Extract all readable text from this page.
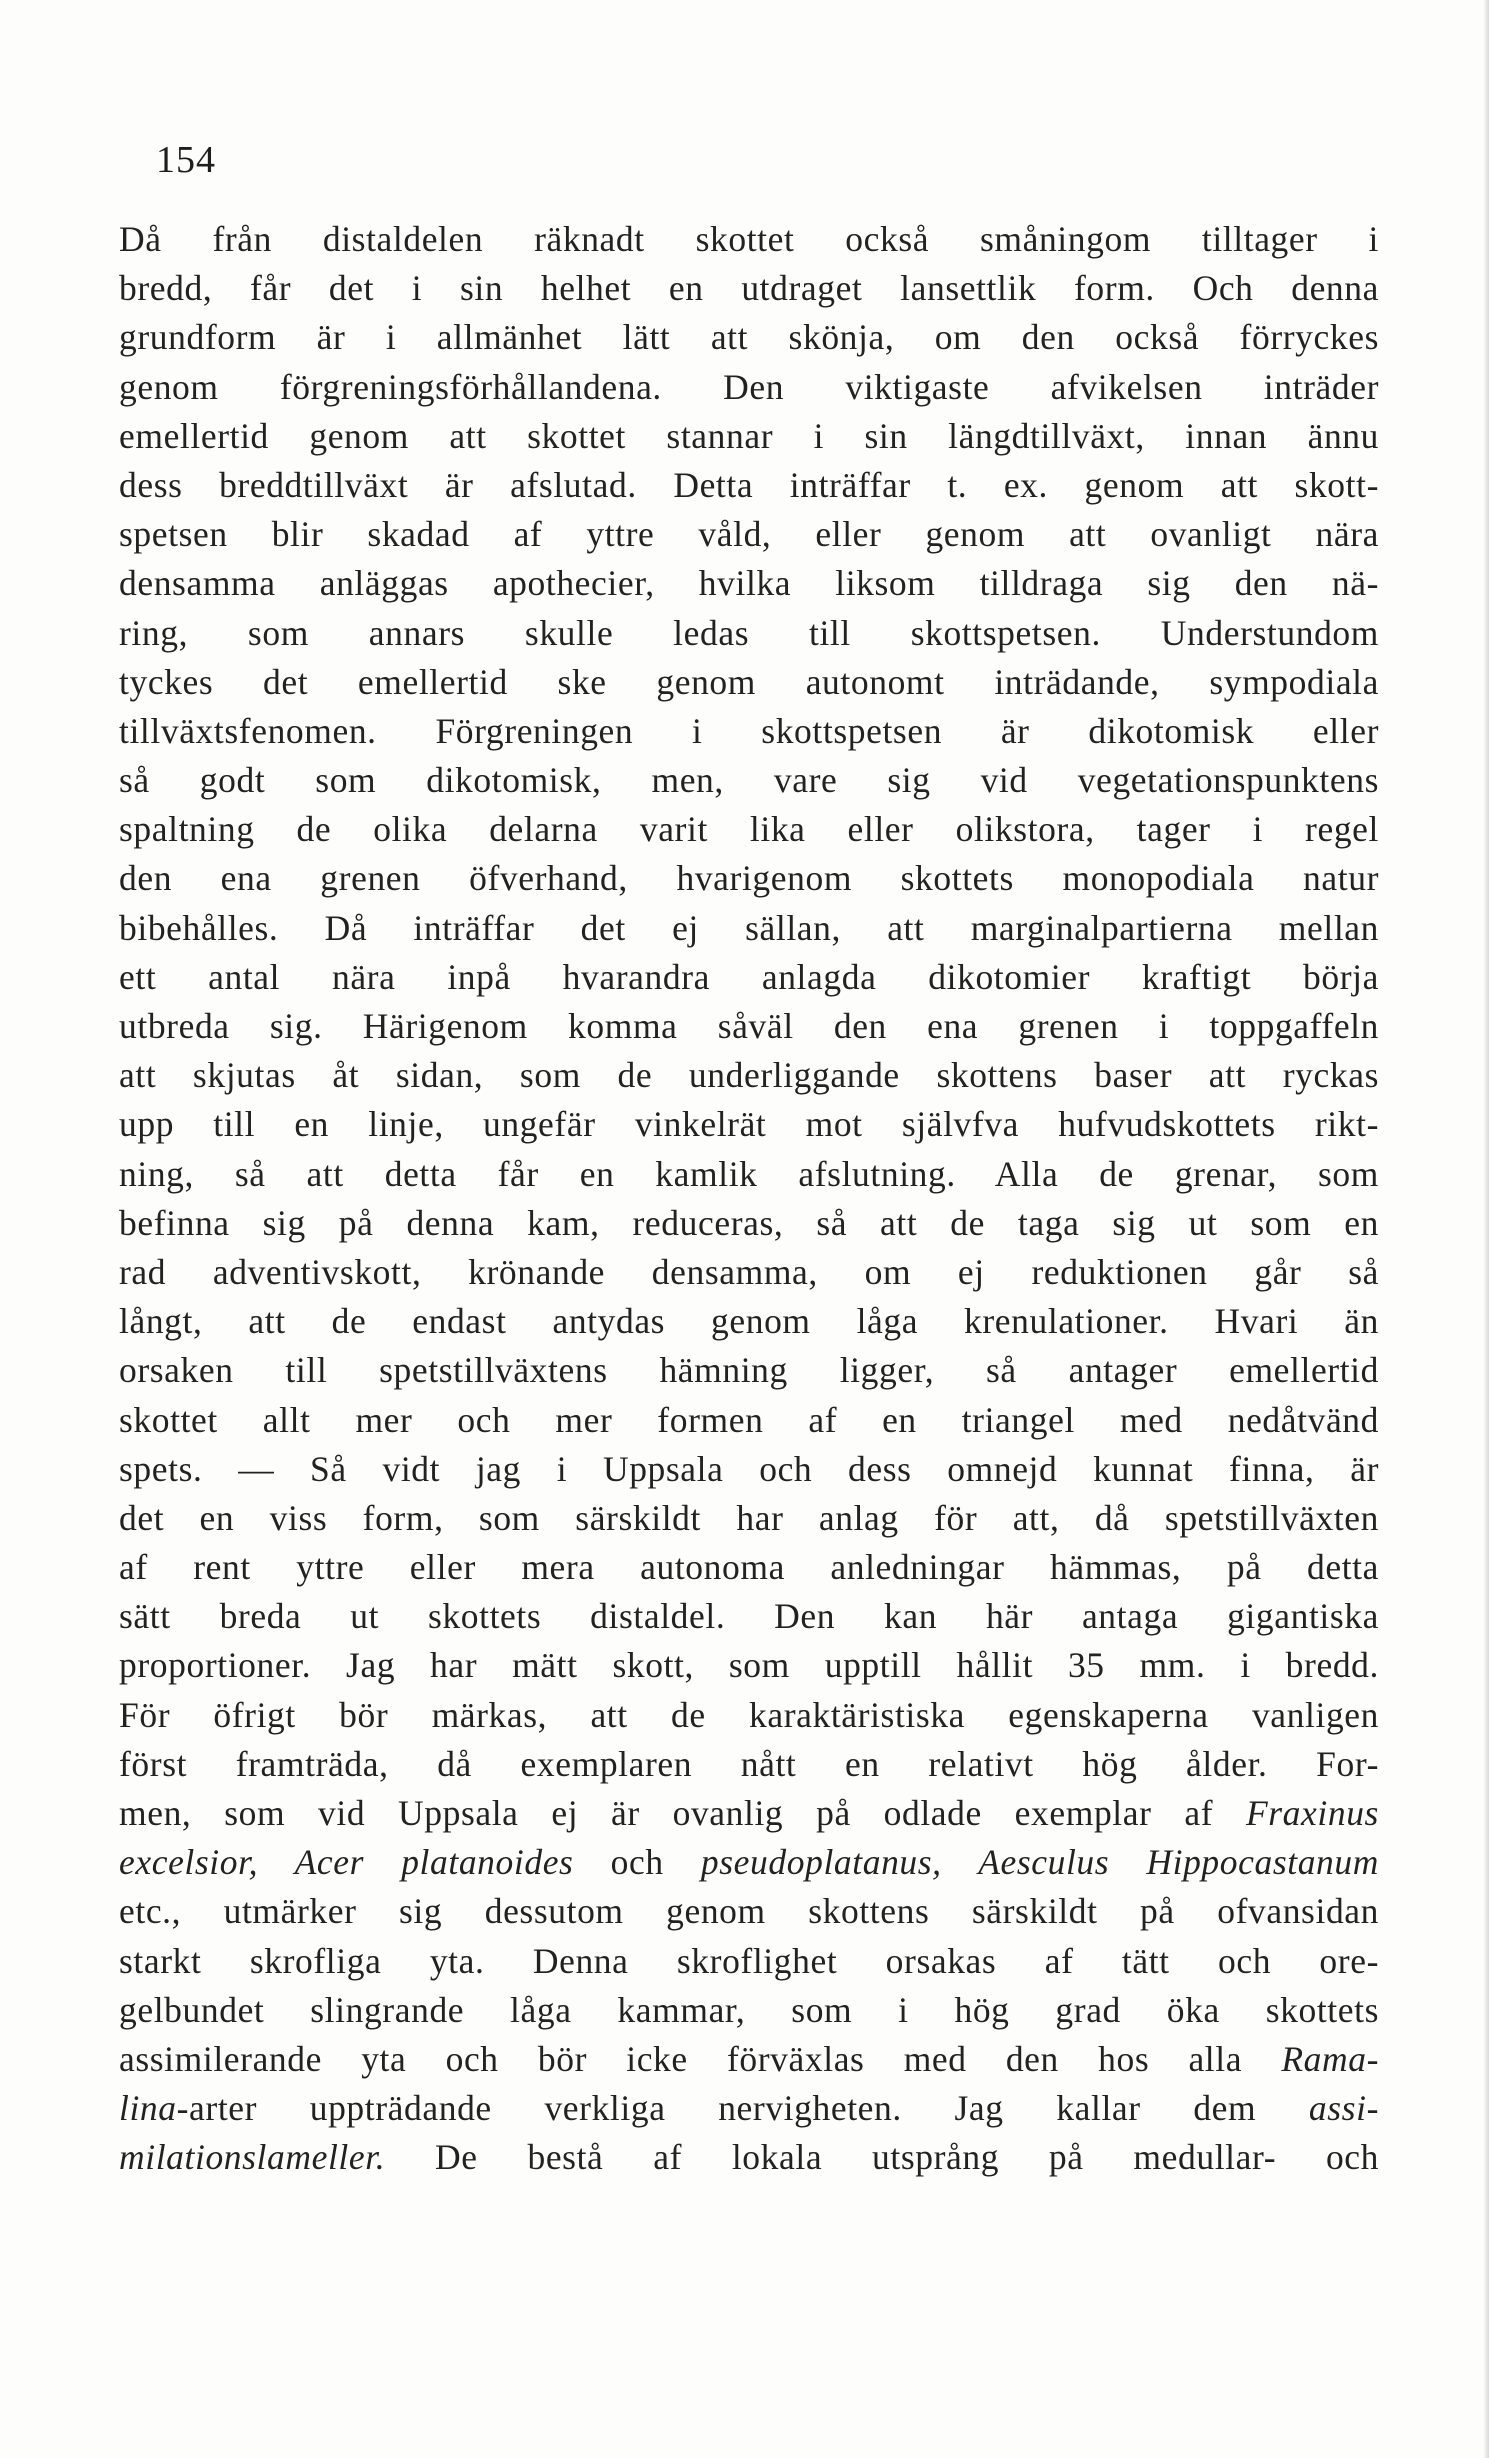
154
Då från distaldelen räknadt skottet också småningom tilltager i
bredd, får det i sin helhet en utdraget lansettlik form. Och denna
grundform är i allmänhet lätt att skönja, om den också förryckes
genom förgreningsförhållandena. Den viktigaste afvikelsen inträder
emellertid genom att skottet stannar i sin längdtillväxt, innan ännu
dess breddtillväxt är afslutad. Detta inträffar t. ex. genom att skott-
spetsen blir skadad af yttre våld, eller genom att ovanligt nära
densamma anläggas apothecier, hvilka liksom tilldraga sig den nä-
ring, som annars skulle ledas till skottspetsen. Understundom
tyckes det emellertid ske genom autonomt inträdande, sympodiala
tillväxtsfenomen. Förgreningen i skottspetsen är dikotomisk eller
så godt som dikotomisk, men, vare sig vid vegetationspunktens
spaltning de olika delarna varit lika eller olikstora, tager i regel
den ena grenen öfverhand, hvarigenom skottets monopodiala natur
bibehålles. Då inträffar det ej sällan, att marginalpartierna mellan
ett antal nära inpå hvarandra anlagda dikotomier kraftigt börja
utbreda sig. Härigenom komma såväl den ena grenen i toppgaffeln
att skjutas åt sidan, som de underliggande skottens baser att ryckas
upp till en linje, ungefär vinkelrät mot självfva hufvudskottets rikt-
ning, så att detta får en kamlik afslutning. Alla de grenar, som
befinna sig på denna kam, reduceras, så att de taga sig ut som en
rad adventivskott, krönande densamma, om ej reduktionen går så
långt, att de endast antydas genom låga krenulationer. Hvari än
orsaken till spetstillväxtens hämning ligger, så antager emellertid
skottet allt mer och mer formen af en triangel med nedåtvänd
spets. — Så vidt jag i Uppsala och dess omnejd kunnat finna, är
det en viss form, som särskildt har anlag för att, då spetstillväxten
af rent yttre eller mera autonoma anledningar hämmas, på detta
sätt breda ut skottets distaldel. Den kan här antaga gigantiska
proportioner. Jag har mätt skott, som upptill hållit 35 mm. i bredd.
För öfrigt bör märkas, att de karaktäristiska egenskaperna vanligen
först framträda, då exemplaren nått en relativt hög ålder. For-
men, som vid Uppsala ej är ovanlig på odlade exemplar af Fraxinus
excelsior, Acer platanoides och pseudoplatanus, Aesculus Hippocastanum
etc., utmärker sig dessutom genom skottens särskildt på ofvansidan
starkt skrofliga yta. Denna skroflighet orsakas af tätt och ore-
gelbundet slingrande låga kammar, som i hög grad öka skottets
assimilerande yta och bör icke förväxlas med den hos alla Rama-
lina-arter uppträdande verkliga nervigheten. Jag kallar dem assi-
milationslameller. De bestå af lokala utsprång på medullar- och
